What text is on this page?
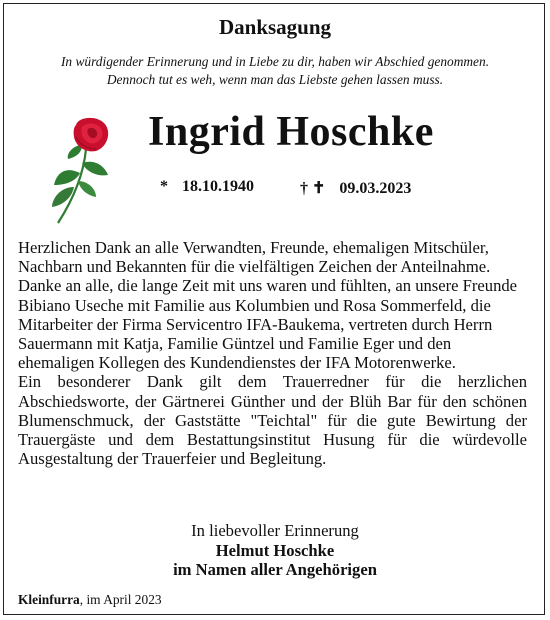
Danksagung
In würdigender Erinnerung und in Liebe zu dir, haben wir Abschied genommen.
Dennoch tut es weh, wenn man das Liebste gehen lassen muss.
Ingrid Hoschke
* 18.10.1940	† ✝ 09.03.2023

Herzlichen Dank an alle Verwandten, Freunde, ehemaligen Mitschüler, Nachbarn und Bekannten für die vielfältigen Zeichen der Anteilnahme.

Danke an alle, die lange Zeit mit uns waren und fühlten, an unsere Freunde Bibiano Useche mit Familie aus Kolumbien und Rosa Sommerfeld, die Mitarbeiter der Firma Servicentro IFA-Baukema, vertreten durch Herrn Sauermann mit Katja, Familie Güntzel und Familie Eger und den ehemaligen Kollegen des Kundendienstes der IFA Motorenwerke.

Ein besonderer Dank gilt dem Trauerredner für die herzlichen Abschiedsworte, der Gärtnerei Günther und der Blüh Bar für den schönen Blumenschmuck, der Gaststätte "Teichtal" für die gute Bewirtung der Trauergäste und dem Bestattungsinstitut Husung für die würdevolle Ausgestaltung der Trauerfeier und Begleitung.

In liebevoller Erinnerung
Helmut Hoschke
im Namen aller Angehörigen
Kleinfurra, im April 2023
